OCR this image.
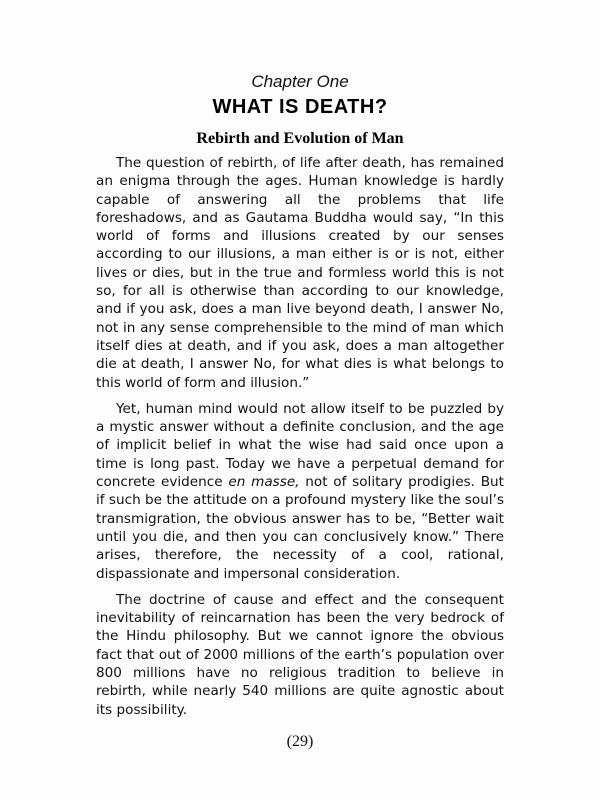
Chapter One
WHAT IS DEATH?
Rebirth and Evolution of Man

The question of rebirth, of life after death, has remained an enigma through the ages. Human knowledge is hardly capable of answering all the problems that life foreshadows, and as Gautama Buddha would say, “In this world of forms and illusions created by our senses according to our illusions, a man either is or is not, either lives or dies, but in the true and formless world this is not so, for all is otherwise than according to our knowledge, and if you ask, does a man live beyond death, I answer No, not in any sense comprehensible to the mind of man which itself dies at death, and if you ask, does a man altogether die at death, I answer No, for what dies is what belongs to this world of form and illusion.”

Yet, human mind would not allow itself to be puzzled by a mystic answer without a definite conclusion, and the age of implicit belief in what the wise had said once upon a time is long past. Today we have a perpetual demand for concrete evidence en masse, not of solitary prodigies. But if such be the attitude on a profound mystery like the soul’s transmigration, the obvious answer has to be, “Better wait until you die, and then you can conclusively know.” There arises, therefore, the necessity of a cool, rational, dispassionate and impersonal consideration.

The doctrine of cause and effect and the consequent inevitability of reincarnation has been the very bedrock of the Hindu philosophy. But we cannot ignore the obvious fact that out of 2000 millions of the earth’s population over 800 millions have no religious tradition to believe in rebirth, while nearly 540 millions are quite agnostic about its possibility.

(29)
